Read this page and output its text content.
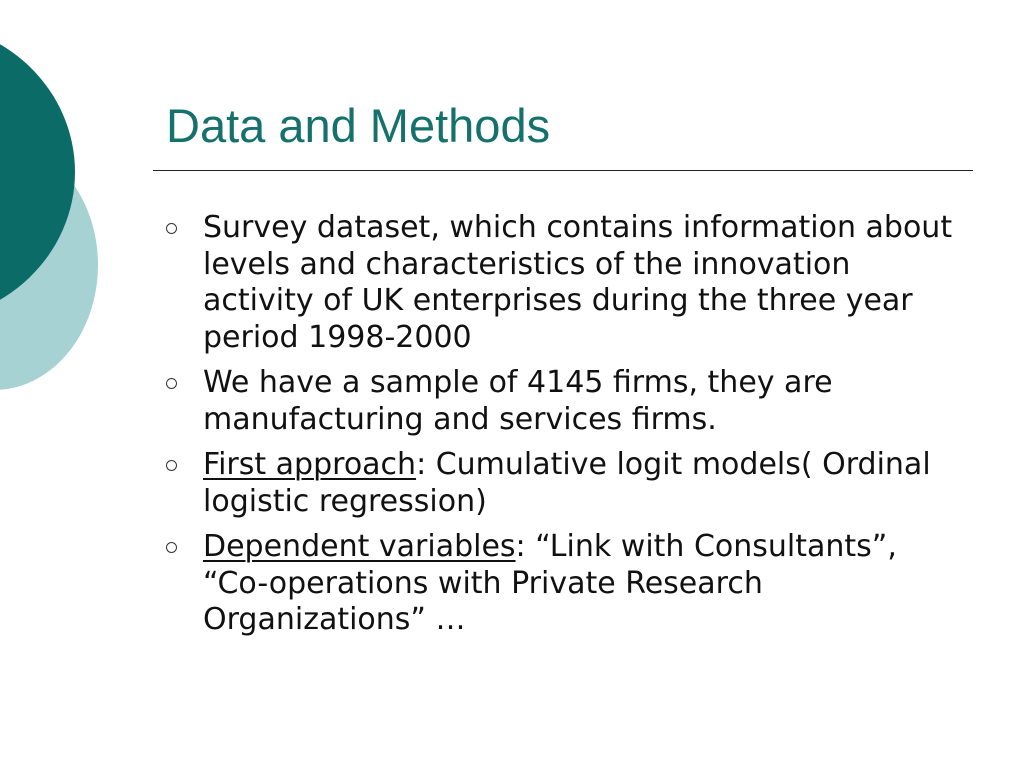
Data and Methods
Survey dataset, which contains information about levels and characteristics of the innovation activity of UK enterprises during the three year period 1998-2000
We have a sample of 4145 firms, they are manufacturing and services firms.
First approach: Cumulative logit models( Ordinal logistic regression)
Dependent variables: “Link with Consultants”, “Co-operations with Private Research Organizations” …
